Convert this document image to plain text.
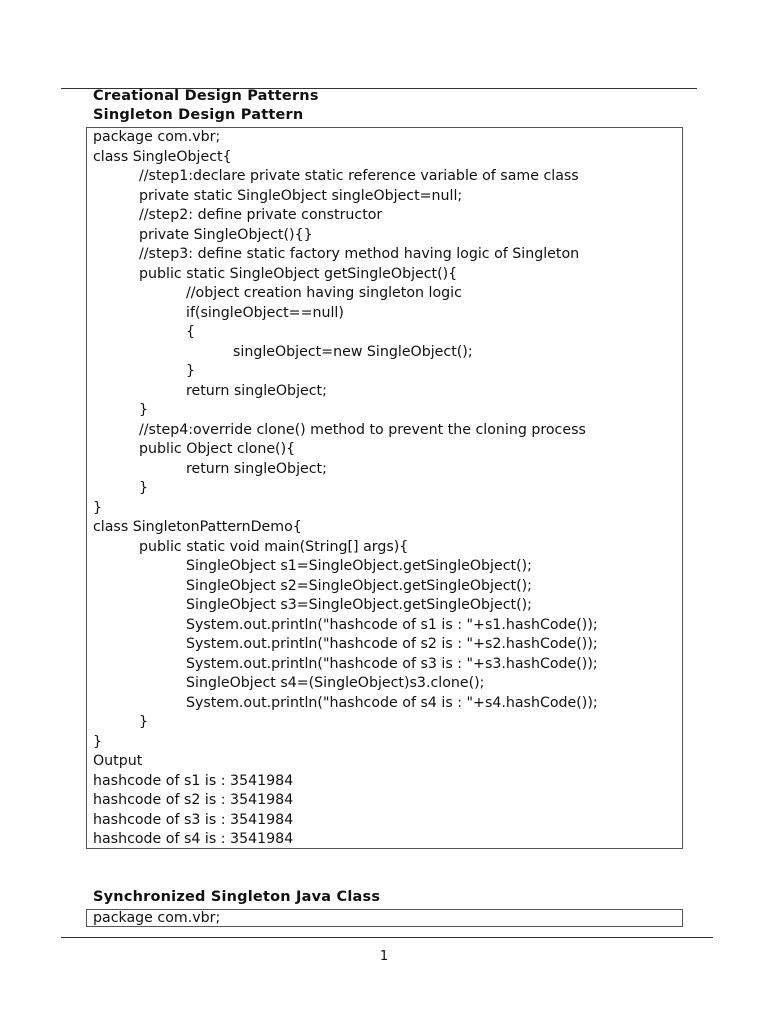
Creational Design Patterns
Singleton Design Pattern
package com.vbr;
class SingleObject{
//step1:declare private static reference variable of same class
private static SingleObject singleObject=null;
//step2: define private constructor
private SingleObject(){}
//step3: define static factory method having logic of Singleton
public static SingleObject getSingleObject(){
//object creation having singleton logic
if(singleObject==null)
{
singleObject=new SingleObject();
}
return singleObject;
}
//step4:override clone() method to prevent the cloning process
public Object clone(){
return singleObject;
}
}
class SingletonPatternDemo{
public static void main(String[] args){
SingleObject s1=SingleObject.getSingleObject();
SingleObject s2=SingleObject.getSingleObject();
SingleObject s3=SingleObject.getSingleObject();
System.out.println("hashcode of s1 is : "+s1.hashCode());
System.out.println("hashcode of s2 is : "+s2.hashCode());
System.out.println("hashcode of s3 is : "+s3.hashCode());
SingleObject s4=(SingleObject)s3.clone();
System.out.println("hashcode of s4 is : "+s4.hashCode());
}
}
Output
hashcode of s1 is : 3541984
hashcode of s2 is : 3541984
hashcode of s3 is : 3541984
hashcode of s4 is : 3541984
Synchronized Singleton Java Class
package com.vbr;
1
